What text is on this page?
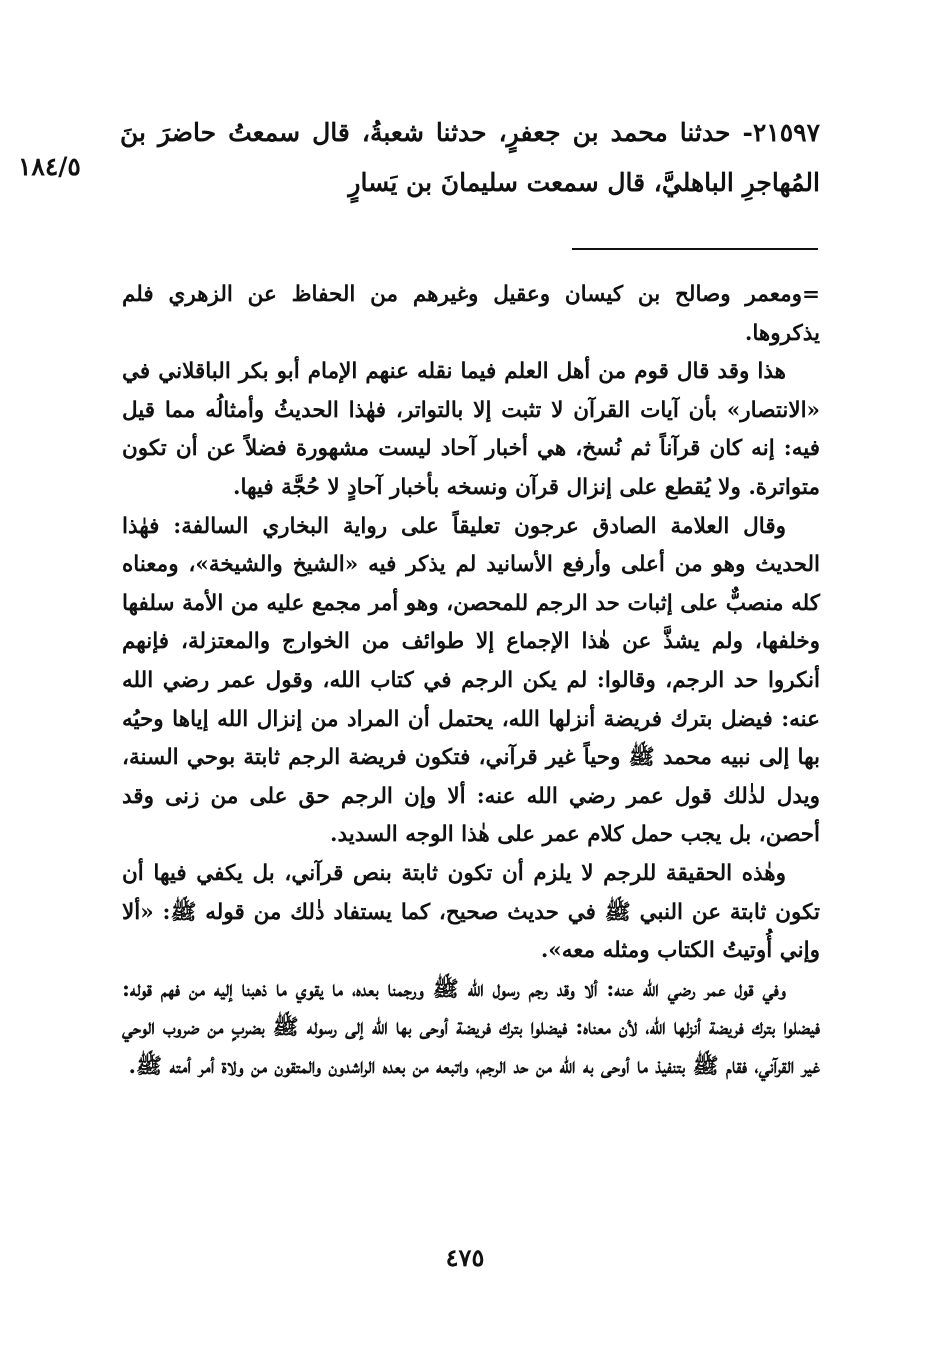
٢١٥٩٧- حدثنا محمد بن جعفرٍ، حدثنا شعبةُ، قال سمعتُ حاضرَ بنَ المُهاجرِ الباهليَّ، قال سمعت سليمانَ بن يَسارٍ
١٨٤/٥

=ومعمر وصالح بن كيسان وعقيل وغيرهم من الحفاظ عن الزهري فلم يذكروها.

هذا وقد قال قوم من أهل العلم فيما نقله عنهم الإمام أبو بكر الباقلاني في «الانتصار» بأن آيات القرآن لا تثبت إلا بالتواتر، فهٰذا الحديثُ وأمثالُه مما قيل فيه: إنه كان قرآناً ثم نُسخ، هي أخبار آحاد ليست مشهورة فضلاً عن أن تكون متواترة. ولا يُقطع على إنزال قرآن ونسخه بأخبار آحادٍ لا حُجَّة فيها.

وقال العلامة الصادق عرجون تعليقاً على رواية البخاري السالفة: فهٰذا الحديث وهو من أعلى وأرفع الأسانيد لم يذكر فيه «الشيخ والشيخة»، ومعناه كله منصبٌّ على إثبات حد الرجم للمحصن، وهو أمر مجمع عليه من الأمة سلفها وخلفها، ولم يشذَّ عن هٰذا الإجماع إلا طوائف من الخوارج والمعتزلة، فإنهم أنكروا حد الرجم، وقالوا: لم يكن الرجم في كتاب الله، وقول عمر رضي الله عنه: فيضل بترك فريضة أنزلها الله، يحتمل أن المراد من إنزال الله إياها وحيُه بها إلى نبيه محمد ﷺ وحياً غير قرآني، فتكون فريضة الرجم ثابتة بوحي السنة، ويدل لذٰلك قول عمر رضي الله عنه: ألا وإن الرجم حق على من زنى وقد أحصن، بل يجب حمل كلام عمر على هٰذا الوجه السديد.

وهٰذه الحقيقة للرجم لا يلزم أن تكون ثابتة بنص قرآني، بل يكفي فيها أن تكون ثابتة عن النبي ﷺ في حديث صحيح، كما يستفاد ذٰلك من قوله ﷺ: «ألا وإني أُوتيتُ الكتاب ومثله معه».

وفي قول عمر رضي الله عنه: ألا وقد رجم رسول الله ﷺ ورجمنا بعده، ما يقوي ما ذهبنا إليه من فهم قوله: فيضلوا بترك فريضة أنزلها الله، لأن معناه: فيضلوا بترك فريضة أوحى بها الله إلى رسوله ﷺ بضربٍ من ضروب الوحي غير القرآني، فقام ﷺ بتنفيذ ما أوحى به الله من حد الرجم، واتبعه من بعده الراشدون والمتقون من ولاة أمر أمته ﷺ.

٤٧٥
